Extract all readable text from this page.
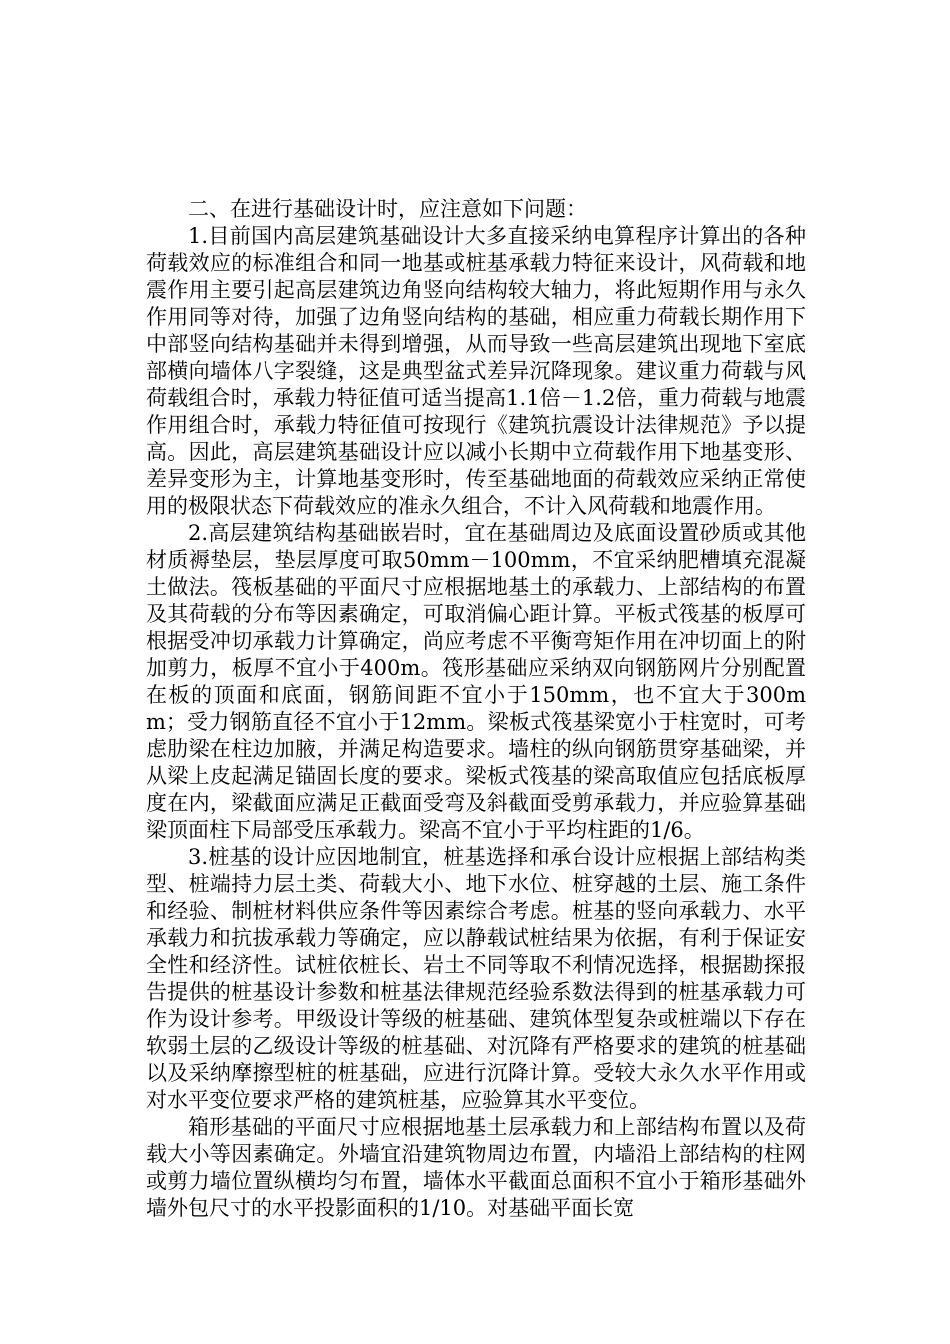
二、在进行基础设计时，应注意如下问题：

1.目前国内高层建筑基础设计大多直接采纳电算程序计算出的各种荷载效应的标准组合和同一地基或桩基承载力特征来设计，风荷载和地震作用主要引起高层建筑边角竖向结构较大轴力，将此短期作用与永久作用同等对待，加强了边角竖向结构的基础，相应重力荷载长期作用下中部竖向结构基础并未得到增强，从而导致一些高层建筑出现地下室底部横向墙体八字裂缝，这是典型盆式差异沉降现象。建议重力荷载与风荷载组合时，承载力特征值可适当提高1.1倍－1.2倍，重力荷载与地震作用组合时，承载力特征值可按现行《建筑抗震设计法律规范》予以提高。因此，高层建筑基础设计应以减小长期中立荷载作用下地基变形、差异变形为主，计算地基变形时，传至基础地面的荷载效应采纳正常使用的极限状态下荷载效应的准永久组合，不计入风荷载和地震作用。

2.高层建筑结构基础嵌岩时，宜在基础周边及底面设置砂质或其他材质褥垫层，垫层厚度可取50mm－100mm，不宜采纳肥槽填充混凝土做法。筏板基础的平面尺寸应根据地基土的承载力、上部结构的布置及其荷载的分布等因素确定，可取消偏心距计算。平板式筏基的板厚可根据受冲切承载力计算确定，尚应考虑不平衡弯矩作用在冲切面上的附加剪力，板厚不宜小于400m。筏形基础应采纳双向钢筋网片分别配置在板的顶面和底面，钢筋间距不宜小于150mm，也不宜大于300mm；受力钢筋直径不宜小于12mm。梁板式筏基梁宽小于柱宽时，可考虑肋梁在柱边加腋，并满足构造要求。墙柱的纵向钢筋贯穿基础梁，并从梁上皮起满足锚固长度的要求。梁板式筏基的梁高取值应包括底板厚度在内，梁截面应满足正截面受弯及斜截面受剪承载力，并应验算基础梁顶面柱下局部受压承载力。梁高不宜小于平均柱距的1/6。

3.桩基的设计应因地制宜，桩基选择和承台设计应根据上部结构类型、桩端持力层土类、荷载大小、地下水位、桩穿越的土层、施工条件和经验、制桩材料供应条件等因素综合考虑。桩基的竖向承载力、水平承载力和抗拔承载力等确定，应以静载试桩结果为依据，有利于保证安全性和经济性。试桩依桩长、岩土不同等取不利情况选择，根据勘探报告提供的桩基设计参数和桩基法律规范经验系数法得到的桩基承载力可作为设计参考。甲级设计等级的桩基础、建筑体型复杂或桩端以下存在软弱土层的乙级设计等级的桩基础、对沉降有严格要求的建筑的桩基础以及采纳摩擦型桩的桩基础，应进行沉降计算。受较大永久水平作用或对水平变位要求严格的建筑桩基，应验算其水平变位。

箱形基础的平面尺寸应根据地基土层承载力和上部结构布置以及荷载大小等因素确定。外墙宜沿建筑物周边布置，内墙沿上部结构的柱网或剪力墙位置纵横均匀布置，墙体水平截面总面积不宜小于箱形基础外墙外包尺寸的水平投影面积的1/10。对基础平面长宽
